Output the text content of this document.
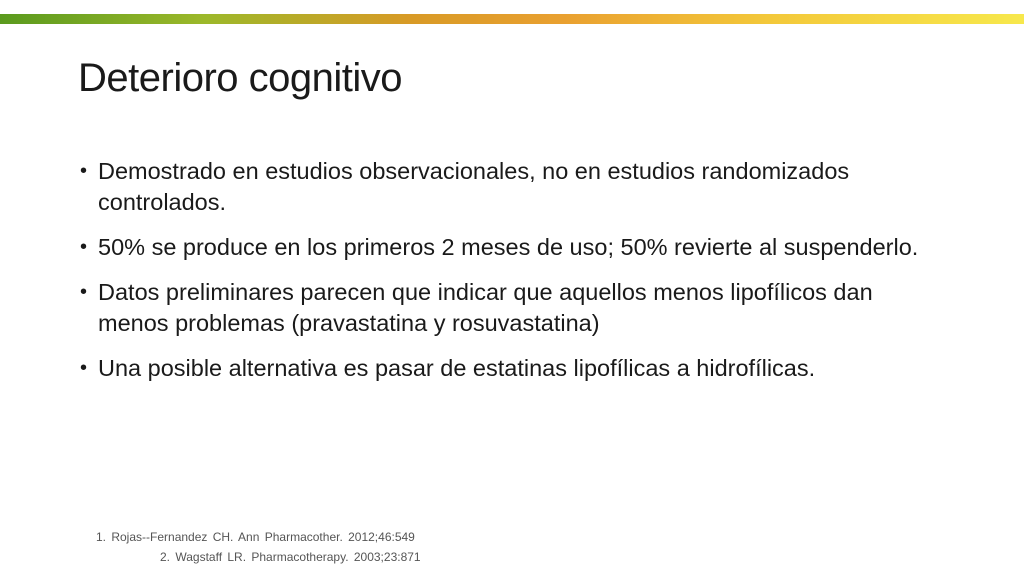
Deterioro cognitivo
• Demostrado en estudios observacionales, no en estudios randomizados controlados.
• 50% se produce en los primeros 2 meses de uso; 50% revierte al suspenderlo.
• Datos preliminares parecen que indicar que aquellos menos lipofílicos dan menos problemas (pravastatina y rosuvastatina)
• Una posible alternativa es pasar de estatinas lipofílicas a hidrofílicas.
1. Rojas--Fernandez CH. Ann Pharmacother. 2012;46:549
2. Wagstaff LR. Pharmacotherapy. 2003;23:871
